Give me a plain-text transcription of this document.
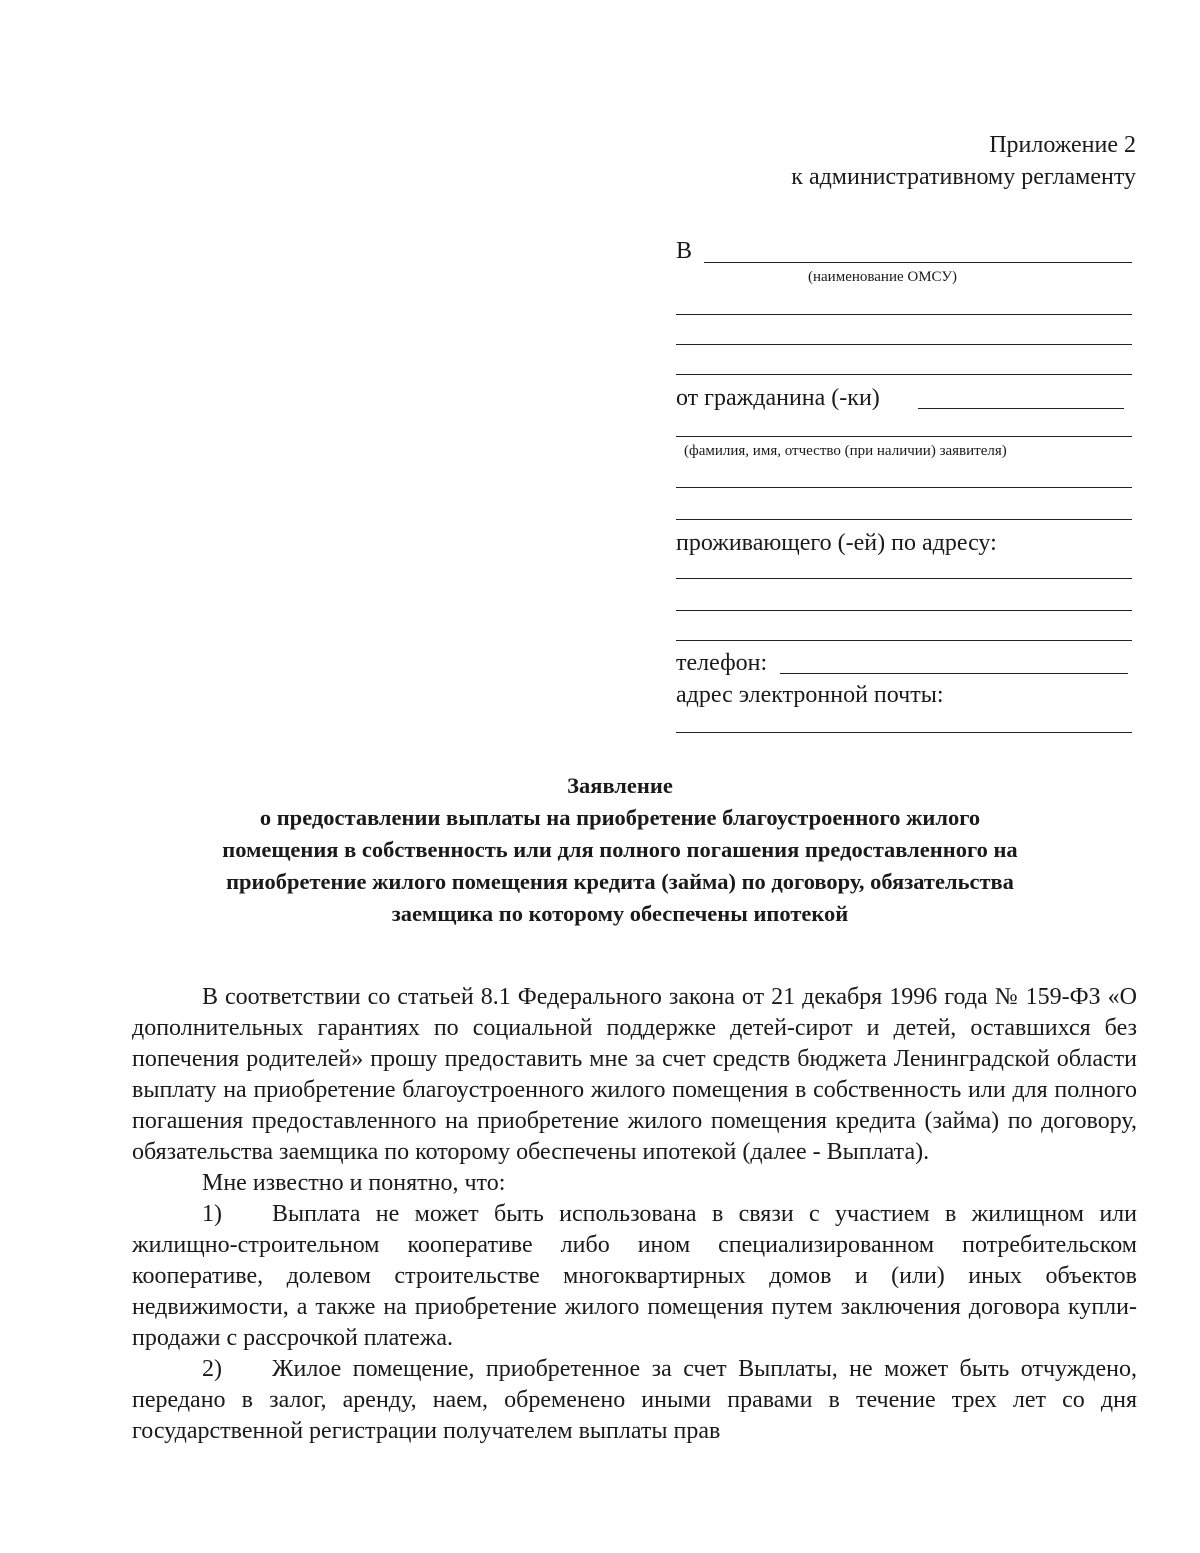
Приложение 2
к административному регламенту
В
(наименование ОМСУ)
от гражданина (-ки)
(фамилия, имя, отчество (при наличии) заявителя)
проживающего (-ей) по адресу:
телефон:
адрес электронной почты:
Заявление
о предоставлении выплаты на приобретение благоустроенного жилого
помещения в собственность или для полного погашения предоставленного на
приобретение жилого помещения кредита (займа) по договору, обязательства
заемщика по которому обеспечены ипотекой

В соответствии со статьей 8.1 Федерального закона от 21 декабря 1996 года № 159-ФЗ «О дополнительных гарантиях по социальной поддержке детей-сирот и детей, оставшихся без попечения родителей» прошу предоставить мне за счет средств бюджета Ленинградской области выплату на приобретение благоустроенного жилого помещения в собственность или для полного погашения предоставленного на приобретение жилого помещения кредита (займа) по договору, обязательства заемщика по которому обеспечены ипотекой (далее - Выплата).

Мне известно и понятно, что:

1) Выплата не может быть использована в связи с участием в жилищном или жилищно-строительном кооперативе либо ином специализированном потребительском кооперативе, долевом строительстве многоквартирных домов и (или) иных объектов недвижимости, а также на приобретение жилого помещения путем заключения договора купли-продажи с рассрочкой платежа.

2) Жилое помещение, приобретенное за счет Выплаты, не может быть отчуждено, передано в залог, аренду, наем, обременено иными правами в течение трех лет со дня государственной регистрации получателем выплаты прав
